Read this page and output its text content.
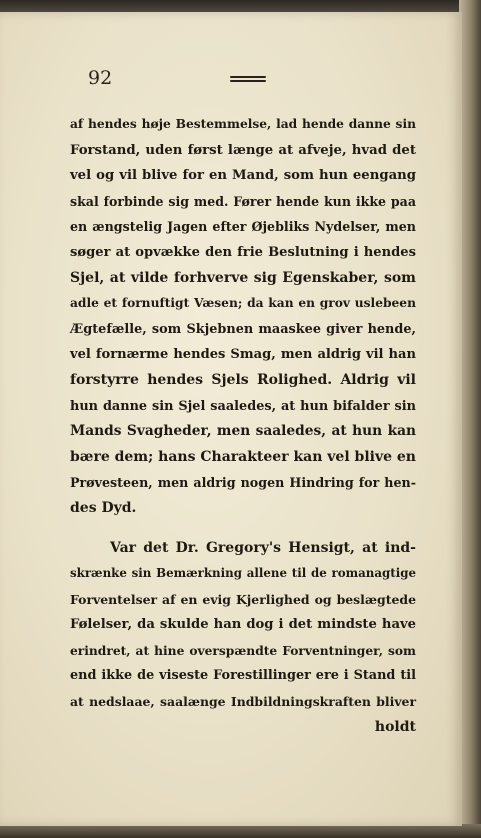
92
af hendes høje Bestemmelse, lad hende danne sin
Forstand, uden først længe at afveje, hvad det
vel og vil blive for en Mand, som hun eengang
skal forbinde sig med. Fører hende kun ikke paa
en ængstelig Jagen efter Øjebliks Nydelser, men
søger at opvække den frie Beslutning i hendes
Sjel, at vilde forhverve sig Egenskaber, som
adle et fornuftigt Væsen; da kan en grov uslebeen
Ægtefælle, som Skjebnen maaskee giver hende,
vel fornærme hendes Smag, men aldrig vil han
forstyrre hendes Sjels Rolighed. Aldrig vil
hun danne sin Sjel saaledes, at hun bifalder sin
Mands Svagheder, men saaledes, at hun kan
bære dem; hans Charakteer kan vel blive en
Prøvesteen, men aldrig nogen Hindring for hen-
des Dyd.
Var det Dr. Gregory's Hensigt, at ind-
skrænke sin Bemærkning allene til de romanagtige
Forventelser af en evig Kjerlighed og beslægtede
Følelser, da skulde han dog i det mindste have
erindret, at hine overspændte Forventninger, som
end ikke de viseste Forestillinger ere i Stand til
at nedslaae, saalænge Indbildningskraften bliver
holdt
